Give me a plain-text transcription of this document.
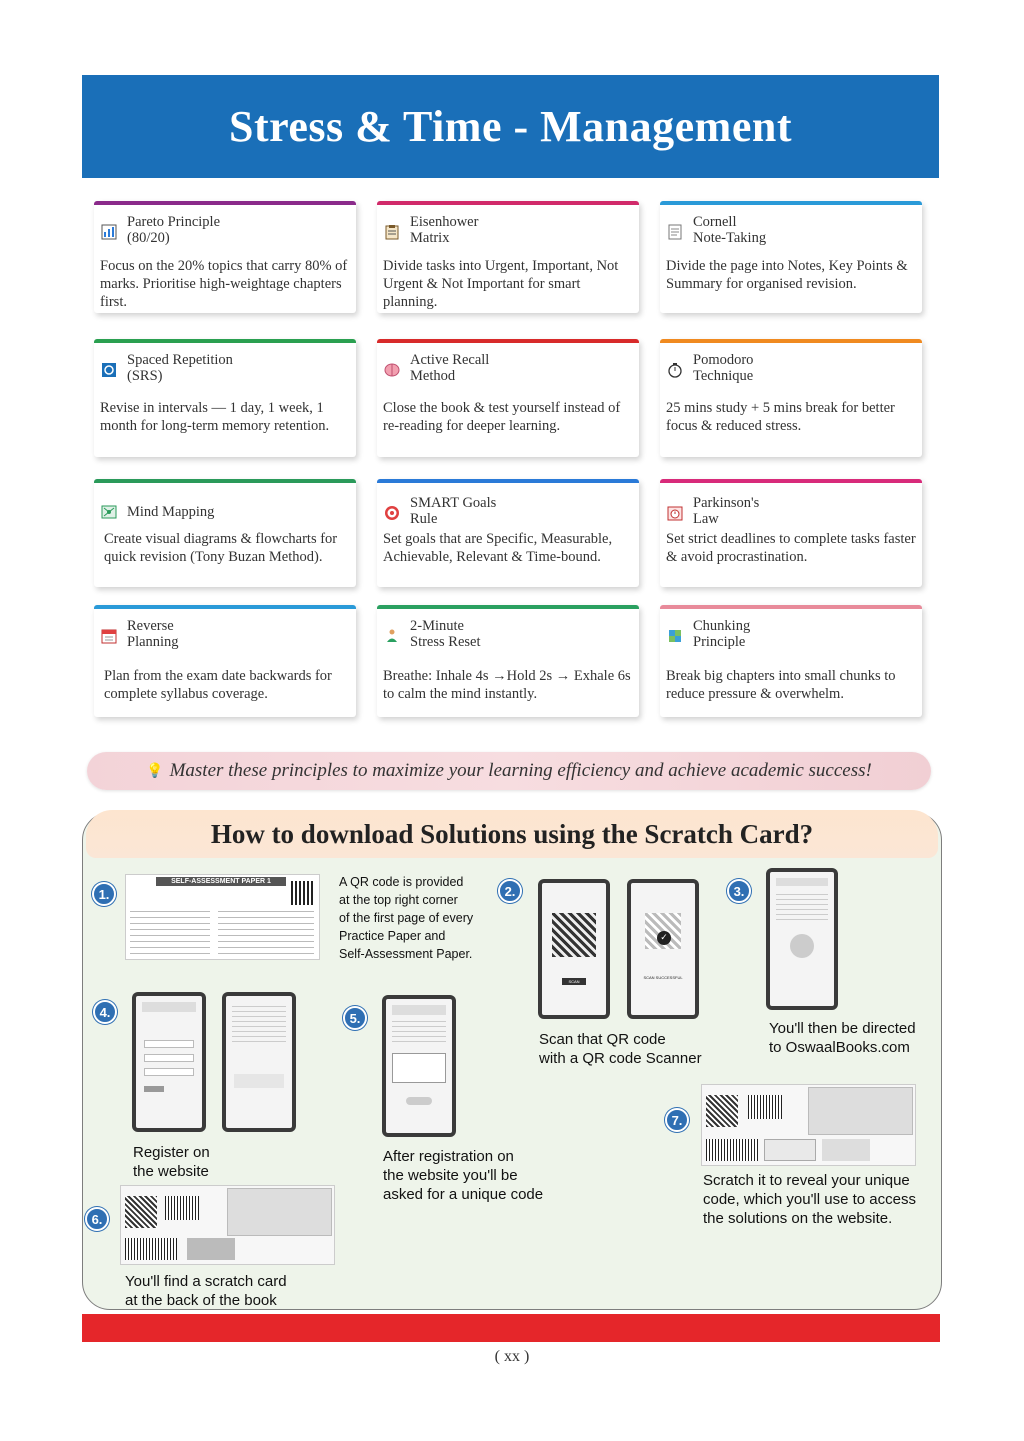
Stress & Time - Management
Pareto Principle
(80/20)
Focus on the 20% topics that carry 80% of marks. Prioritise high-weightage chapters first.
Eisenhower
Matrix
Divide tasks into Urgent, Important, Not Urgent & Not Important for smart planning.
Cornell
Note-Taking
Divide the page into Notes, Key Points & Summary for organised revision.
Spaced Repetition
(SRS)
Revise in intervals — 1 day, 1 week, 1 month for long-term memory retention.
Active Recall
Method
Close the book & test yourself instead of re-reading for deeper learning.
Pomodoro
Technique
25 mins study + 5 mins break for better focus & reduced stress.
Mind Mapping
Create visual diagrams & flowcharts for quick revision (Tony Buzan Method).
SMART Goals
Rule
Set goals that are Specific, Measurable, Achievable, Relevant & Time-bound.
Parkinson's
Law
Set strict deadlines to complete tasks faster & avoid procrastination.
Reverse
Planning
Plan from the exam date backwards for complete syllabus coverage.
2-Minute
Stress Reset
Breathe: Inhale 4s →Hold 2s → Exhale 6s to calm the mind instantly.
Chunking
Principle
Break big chapters into small chunks to reduce pressure & overwhelm.
💡 Master these principles to maximize your learning efficiency and achieve academic success!
How to download Solutions using the Scratch Card?
1.
SELF-ASSESSMENT PAPER 1	A QR code is provided
at the top right corner
of the first page of every
Practice Paper and
Self-Assessment Paper.
2.
SCAN
✓
SCAN SUCCESSFUL
Scan that QR code
with a QR code Scanner
3.
You'll then be directed
to OswaalBooks.com
4.
Register on
the website
5.
After registration on
the website you'll be
asked for a unique code
6.
You'll find a scratch card
at the back of the book
7.
Scratch it to reveal your unique
code, which you'll use to access
the solutions on the website.
( xx )
